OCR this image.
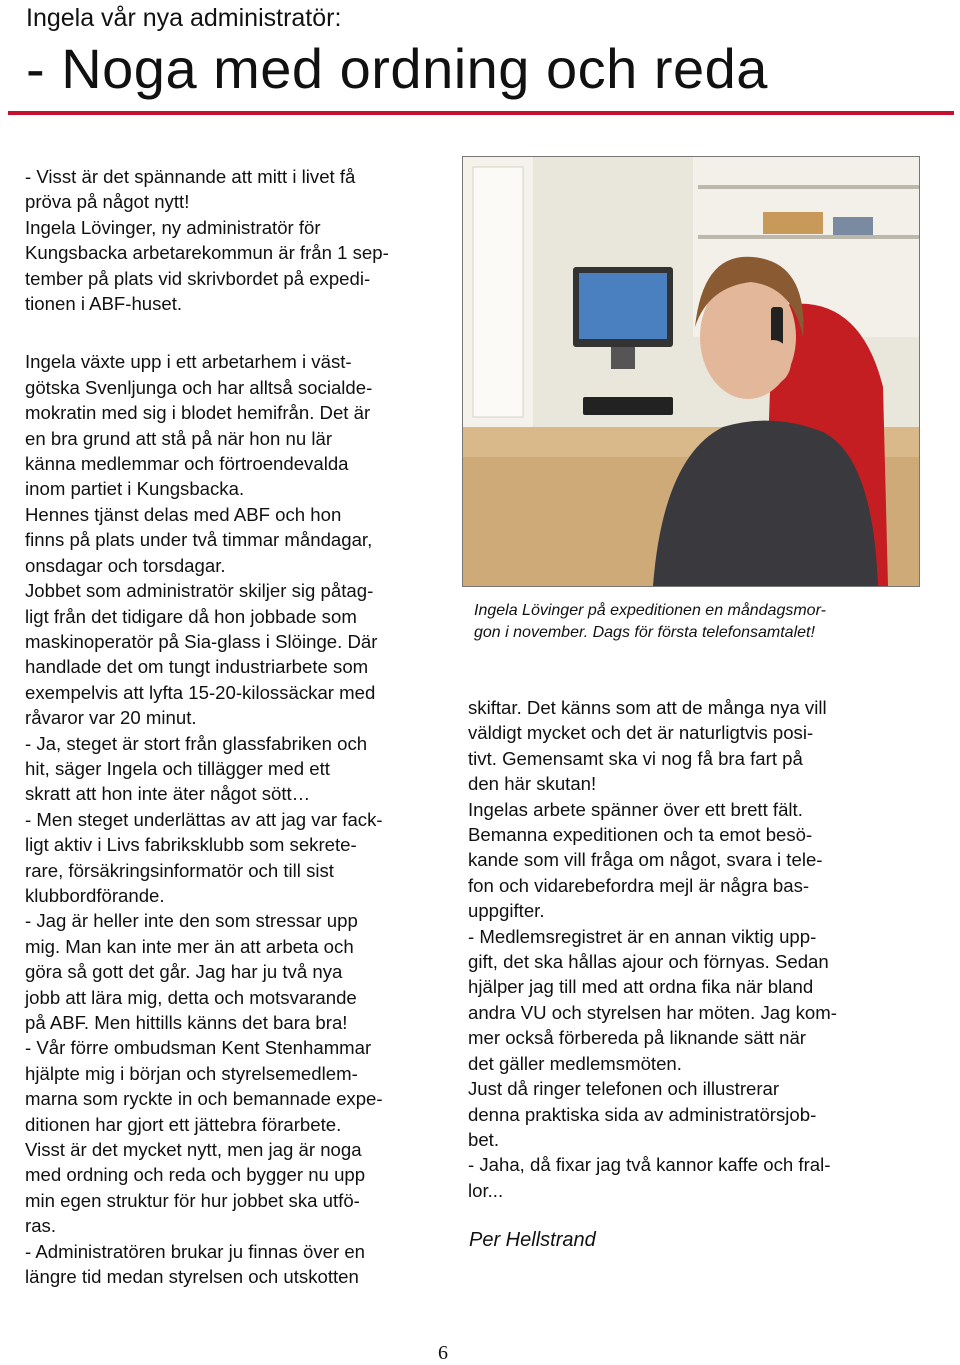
Ingela vår nya administratör:
- Noga med ordning och reda
- Visst är det spännande att mitt i livet få
pröva på något nytt!
Ingela Lövinger, ny administratör för
Kungsbacka arbetarekommun är från 1 sep-
tember på plats vid skrivbordet på expedi-
tionen i ABF-huset.
Ingela växte upp i ett arbetarhem i väst-
götska Svenljunga och har alltså socialde-
mokratin med sig i blodet hemifrån. Det är
en bra grund att stå på när hon nu lär
känna medlemmar och förtroendevalda
inom partiet i Kungsbacka.
Hennes tjänst delas med ABF och hon
finns på plats under två timmar måndagar,
onsdagar och torsdagar.
Jobbet som administratör skiljer sig påtag-
ligt från det tidigare då hon jobbade som
maskinoperatör på Sia-glass i Slöinge. Där
handlade det om tungt industriarbete som
exempelvis att lyfta 15-20-kilossäckar med
råvaror var 20 minut.
- Ja, steget är stort från glassfabriken och
hit, säger Ingela och tillägger med ett
skratt att hon inte äter något sött…
- Men steget underlättas av att jag var fack-
ligt aktiv i Livs fabriksklubb som sekrete-
rare, försäkringsinformatör och till sist
klubbordförande.
- Jag är heller inte den som stressar upp
mig. Man kan inte mer än att arbeta och
göra så gott det går. Jag har ju två nya
jobb att lära mig, detta och motsvarande
på ABF. Men hittills känns det bara bra!
- Vår förre ombudsman Kent Stenhammar
hjälpte mig i början och styrelsemedlem-
marna som ryckte in och bemannade expe-
ditionen har gjort ett jättebra förarbete.
Visst är det mycket nytt, men jag är noga
med ordning och reda och bygger nu upp
min egen struktur för hur jobbet ska utfö-
ras.
- Administratören brukar ju finnas över en
längre tid medan styrelsen och utskotten
Ingela Lövinger på expeditionen en måndagsmor-
gon i november. Dags för första telefonsamtalet!
skiftar. Det känns som att de många nya vill
väldigt mycket och det är naturligtvis posi-
tivt. Gemensamt ska vi nog få bra fart på
den här skutan!
Ingelas arbete spänner över ett brett fält.
Bemanna expeditionen och ta emot besö-
kande som vill fråga om något, svara i tele-
fon och vidarebefordra mejl är några bas-
uppgifter.
- Medlemsregistret är en annan viktig upp-
gift, det ska hållas ajour och förnyas. Sedan
hjälper jag till med att ordna fika när bland
andra VU och styrelsen har möten. Jag kom-
mer också förbereda på liknande sätt när
det gäller medlemsmöten.
Just då ringer telefonen och illustrerar
denna praktiska sida av administratörsjob-
bet.
- Jaha, då fixar jag två kannor kaffe och fral-
lor...
Per Hellstrand
6
